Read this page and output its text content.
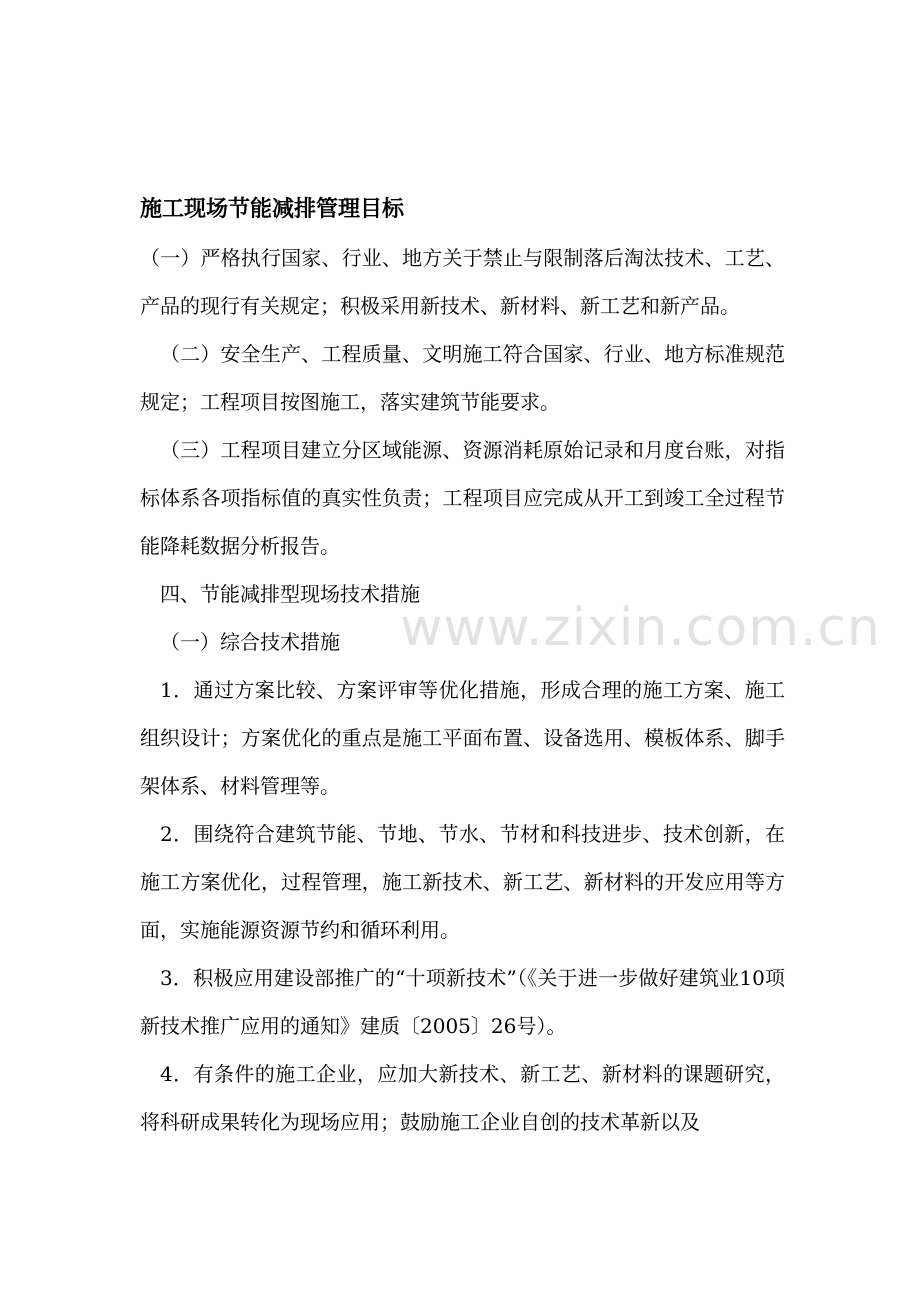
www.zixin.com.cn
施工现场节能减排管理目标

（一）严格执行国家、行业、地方关于禁止与限制落后淘汰技术、工艺、产品的现行有关规定；积极采用新技术、新材料、新工艺和新产品。

（二）安全生产、工程质量、文明施工符合国家、行业、地方标准规范规定；工程项目按图施工，落实建筑节能要求。

（三）工程项目建立分区域能源、资源消耗原始记录和月度台账，对指标体系各项指标值的真实性负责；工程项目应完成从开工到竣工全过程节能降耗数据分析报告。

四、节能减排型现场技术措施

（一）综合技术措施

1．通过方案比较、方案评审等优化措施，形成合理的施工方案、施工组织设计；方案优化的重点是施工平面布置、设备选用、模板体系、脚手架体系、材料管理等。

2．围绕符合建筑节能、节地、节水、节材和科技进步、技术创新，在施工方案优化，过程管理，施工新技术、新工艺、新材料的开发应用等方面，实施能源资源节约和循环利用。

3．积极应用建设部推广的“十项新技术”（《关于进一步做好建筑业10项新技术推广应用的通知》建质〔2005〕26号）。

4．有条件的施工企业，应加大新技术、新工艺、新材料的课题研究，将科研成果转化为现场应用；鼓励施工企业自创的技术革新以及
